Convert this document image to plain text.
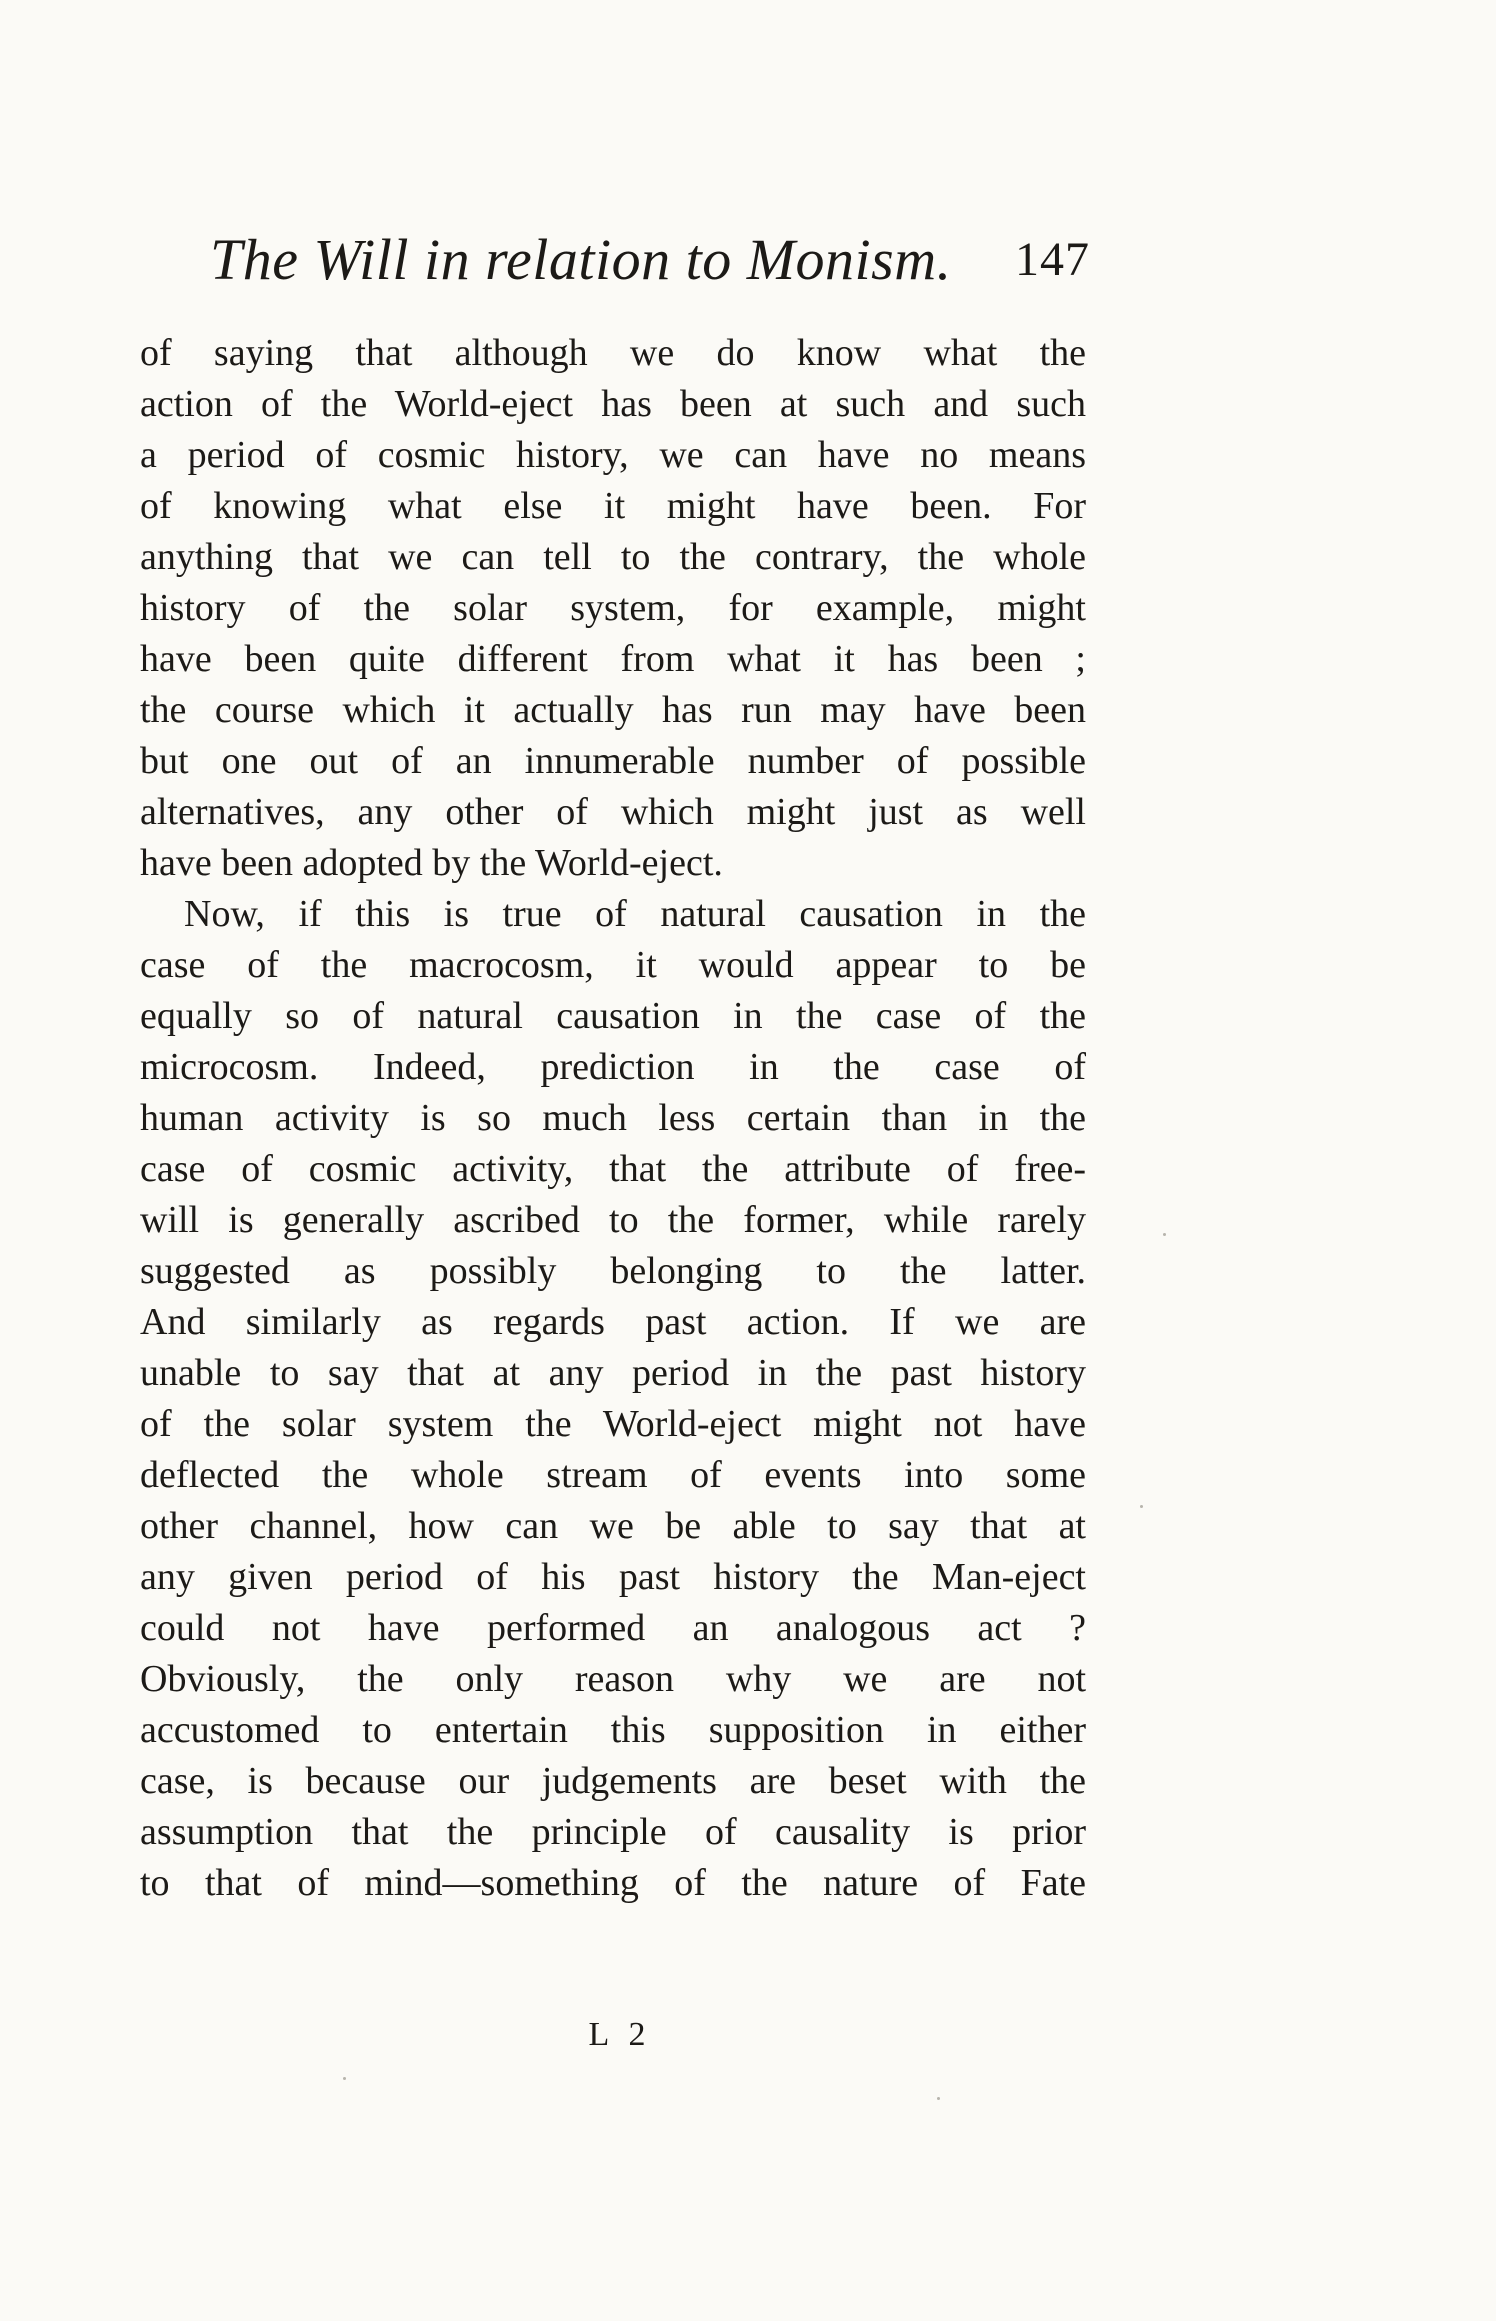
The Will in relation to Monism. 147
of saying that although we do know what the
action of the World-eject has been at such and such
a period of cosmic history, we can have no means
of knowing what else it might have been. For
anything that we can tell to the contrary, the whole
history of the solar system, for example, might
have been quite different from what it has been ;
the course which it actually has run may have been
but one out of an innumerable number of possible
alternatives, any other of which might just as well
have been adopted by the World-eject.
Now, if this is true of natural causation in the
case of the macrocosm, it would appear to be
equally so of natural causation in the case of the
microcosm. Indeed, prediction in the case of
human activity is so much less certain than in the
case of cosmic activity, that the attribute of free-
will is generally ascribed to the former, while rarely
suggested as possibly belonging to the latter.
And similarly as regards past action. If we are
unable to say that at any period in the past history
of the solar system the World-eject might not have
deflected the whole stream of events into some
other channel, how can we be able to say that at
any given period of his past history the Man-eject
could not have performed an analogous act ?
Obviously, the only reason why we are not
accustomed to entertain this supposition in either
case, is because our judgements are beset with the
assumption that the principle of causality is prior
to that of mind—something of the nature of Fate
L 2
